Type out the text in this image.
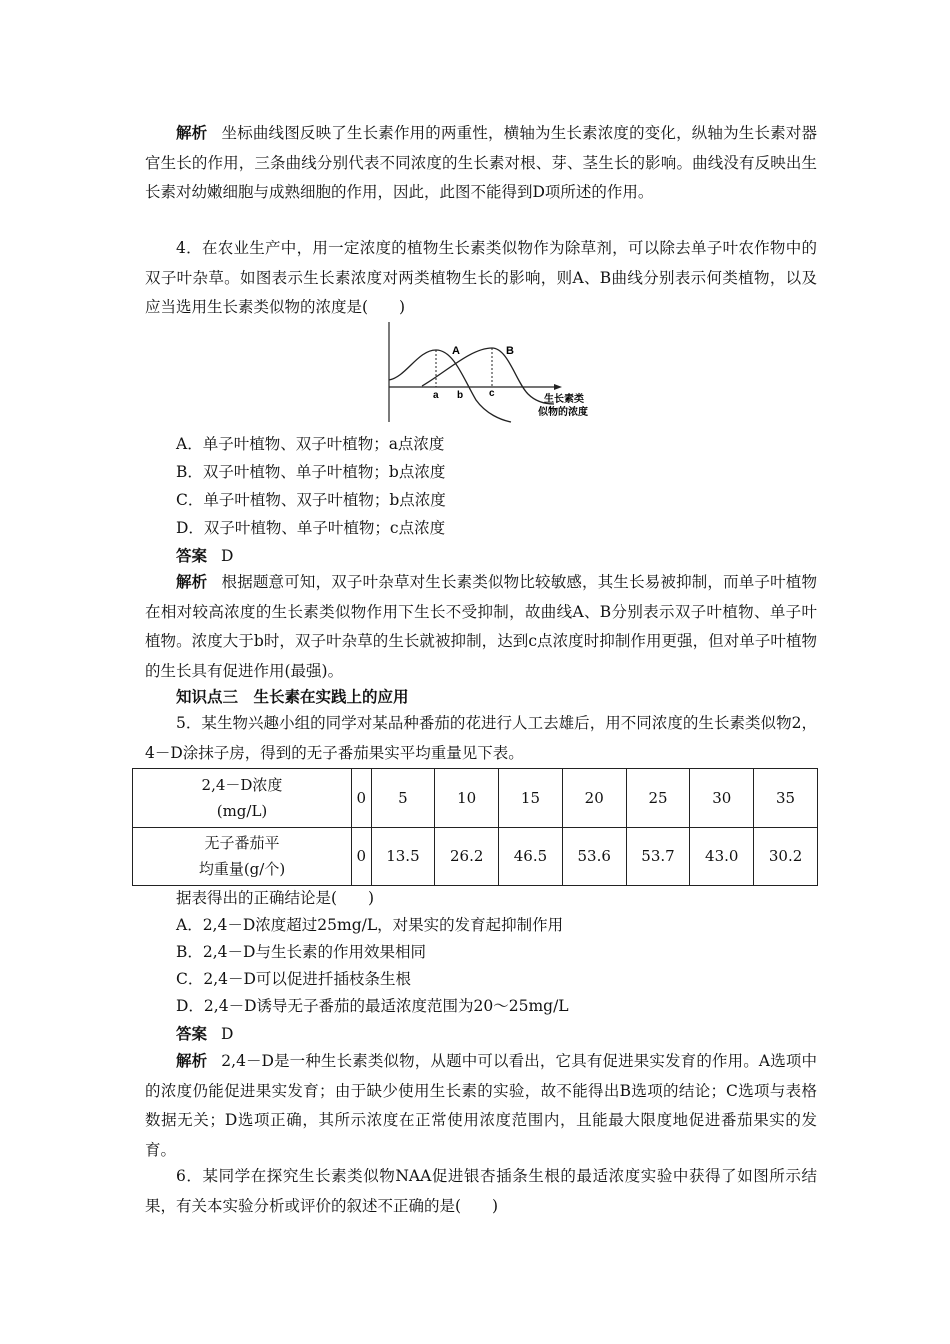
解析 坐标曲线图反映了生长素作用的两重性，横轴为生长素浓度的变化，纵轴为生长素对器官生长的作用，三条曲线分别代表不同浓度的生长素对根、芽、茎生长的影响。曲线没有反映出生长素对幼嫩细胞与成熟细胞的作用，因此，此图不能得到D项所述的作用。

4．在农业生产中，用一定浓度的植物生长素类似物作为除草剂，可以除去单子叶农作物中的双子叶杂草。如图表示生长素浓度对两类植物生长的影响，则A、B曲线分别表示何类植物，以及应当选用生长素类似物的浓度是(　　)

A	B
a b	c
生长素类
似物的浓度

A．单子叶植物、双子叶植物；a点浓度

B．双子叶植物、单子叶植物；b点浓度

C．单子叶植物、双子叶植物；b点浓度

D．双子叶植物、单子叶植物；c点浓度

答案 D

解析 根据题意可知，双子叶杂草对生长素类似物比较敏感，其生长易被抑制，而单子叶植物在相对较高浓度的生长素类似物作用下生长不受抑制，故曲线A、B分别表示双子叶植物、单子叶植物。浓度大于b时，双子叶杂草的生长就被抑制，达到c点浓度时抑制作用更强，但对单子叶植物的生长具有促进作用(最强)。

知识点三　生长素在实践上的应用

5．某生物兴趣小组的同学对某品种番茄的花进行人工去雄后，用不同浓度的生长素类似物2，4－D涂抹子房，得到的无子番茄果实平均重量见下表。

2,4－D浓度
(mg/L)	0	5	10	15	20	25	30	35

无子番茄平
均重量(g/个)	0	13.5	26.2	46.5	53.6	53.7	43.0	30.2

据表得出的正确结论是(　　)

A．2,4－D浓度超过25mg/L，对果实的发育起抑制作用

B．2,4－D与生长素的作用效果相同

C．2,4－D可以促进扦插枝条生根

D．2,4－D诱导无子番茄的最适浓度范围为20～25mg/L

答案 D

解析 2,4－D是一种生长素类似物，从题中可以看出，它具有促进果实发育的作用。A选项中的浓度仍能促进果实发育；由于缺少使用生长素的实验，故不能得出B选项的结论；C选项与表格数据无关；D选项正确，其所示浓度在正常使用浓度范围内，且能最大限度地促进番茄果实的发育。

6．某同学在探究生长素类似物NAA促进银杏插条生根的最适浓度实验中获得了如图所示结果，有关本实验分析或评价的叙述不正确的是(　　)
